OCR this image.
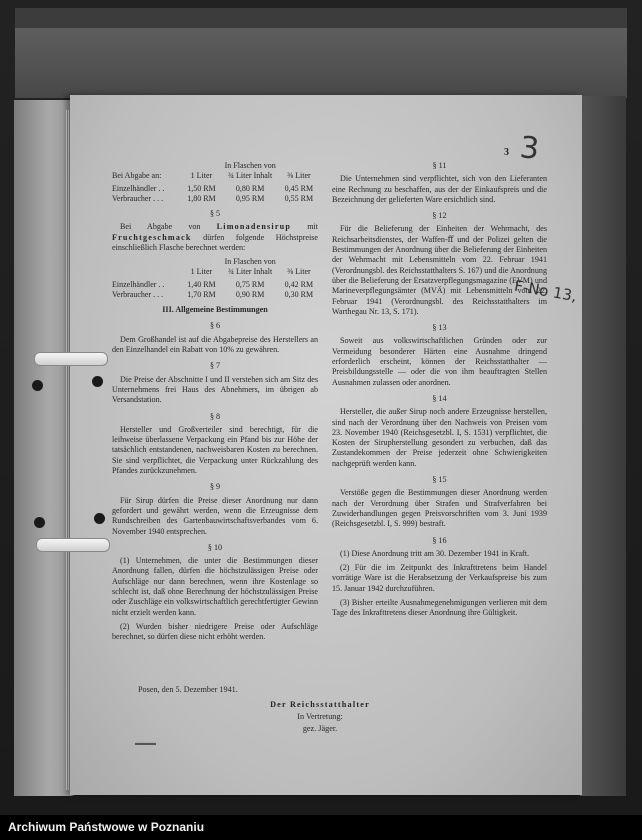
3 3
F-No 13,
	In Flaschen von		
Bei Abgabe an:	1 Liter	¾ Liter Inhalt	⅜ Liter

Einzelhändler . .	1,50 RM	0,80 RM	0,45 RM
Verbraucher . . .	1,80 RM	0,95 RM	0,55 RM
§ 5

Bei Abgabe von Limonadensirup mit Fruchtgeschmack dürfen folgende Höchstpreise einschließlich Flasche berechnet werden:

	In Flaschen von		
	1 Liter	¾ Liter Inhalt	⅜ Liter

Einzelhändler . .	1,40 RM	0,75 RM	0,42 RM
Verbraucher . . .	1,70 RM	0,90 RM	0,30 RM
III. Allgemeine Bestimmungen
§ 6

Dem Großhandel ist auf die Abgabepreise des Herstellers an den Einzelhandel ein Rabatt von 10% zu gewähren.

§ 7

Die Preise der Abschnitte I und II verstehen sich am Sitz des Unternehmens frei Haus des Abnehmers, im übrigen ab Versandstation.

§ 8

Hersteller und Großverteiler sind berechtigt, für die leihweise überlassene Verpackung ein Pfand bis zur Höhe der tatsächlich entstandenen, nachweisbaren Kosten zu berechnen. Sie sind verpflichtet, die Verpackung unter Rückzahlung des Pfandes zurückzunehmen.

§ 9

Für Sirup dürfen die Preise dieser Anordnung nur dann gefordert und gewährt werden, wenn die Erzeugnisse dem Rundschreiben des Gartenbauwirtschaftsverbandes vom 6. November 1940 entsprechen.

§ 10

(1) Unternehmen, die unter die Bestimmungen dieser Anordnung fallen, dürfen die höchstzulässigen Preise oder Aufschläge nur dann berechnen, wenn ihre Kostenlage so schlecht ist, daß ohne Berechnung der höchstzulässigen Preise oder Zuschläge ein volkswirtschaftlich gerechtfertigter Gewinn nicht erzielt werden kann.

(2) Wurden bisher niedrigere Preise oder Aufschläge berechnet, so dürfen diese nicht erhöht werden.

§ 11

Die Unternehmen sind verpflichtet, sich von den Lieferanten eine Rechnung zu beschaffen, aus der der Einkaufspreis und die Bezeichnung der gelieferten Ware ersichtlich sind.

§ 12

Für die Belieferung der Einheiten der Wehrmacht, des Reichsarbeitsdienstes, der Waffen-ﬀ und der Polizei gelten die Bestimmungen der Anordnung über die Belieferung der Einheiten der Wehrmacht mit Lebensmitteln vom 22. Februar 1941 (Verordnungsbl. des Reichsstatthalters S. 167) und die Anordnung über die Belieferung der Ersatzverpflegungsmagazine (EVM) und Marineverpflegungsämter (MVÄ) mit Lebensmitteln vom 22. Februar 1941 (Verordnungsbl. des Reichsstatthalters im Warthegau Nr. 13, S. 171).

§ 13

Soweit aus volkswirtschaftlichen Gründen oder zur Vermeidung besonderer Härten eine Ausnahme dringend erforderlich erscheint, können der Reichsstatthalter — Preisbildungsstelle — oder die von ihm beauftragten Stellen Ausnahmen zulassen oder anordnen.

§ 14

Hersteller, die außer Sirup noch andere Erzeugnisse herstellen, sind nach der Verordnung über den Nachweis von Preisen vom 23. November 1940 (Reichsgesetzbl. I, S. 1531) verpflichtet, die Kosten der Sirupherstellung gesondert zu verbuchen, daß das Zustandekommen der Preise jederzeit ohne Schwierigkeiten nachgeprüft werden kann.

§ 15

Verstöße gegen die Bestimmungen dieser Anordnung werden nach der Verordnung über Strafen und Strafverfahren bei Zuwiderhandlungen gegen Preisvorschriften vom 3. Juni 1939 (Reichsgesetzbl. I, S. 999) bestraft.

§ 16

(1) Diese Anordnung tritt am 30. Dezember 1941 in Kraft.

(2) Für die im Zeitpunkt des Inkrafttretens beim Handel vorrätige Ware ist die Herabsetzung der Verkaufspreise bis zum 15. Januar 1942 durchzuführen.

(3) Bisher erteilte Ausnahmegenehmigungen verlieren mit dem Tage des Inkrafttretens dieser Anordnung ihre Gültigkeit.

Posen, den 5. Dezember 1941.
Der Reichsstatthalter
In Vertretung:
gez. Jäger.
▬▬▬
Archiwum Państwowe w Poznaniu
